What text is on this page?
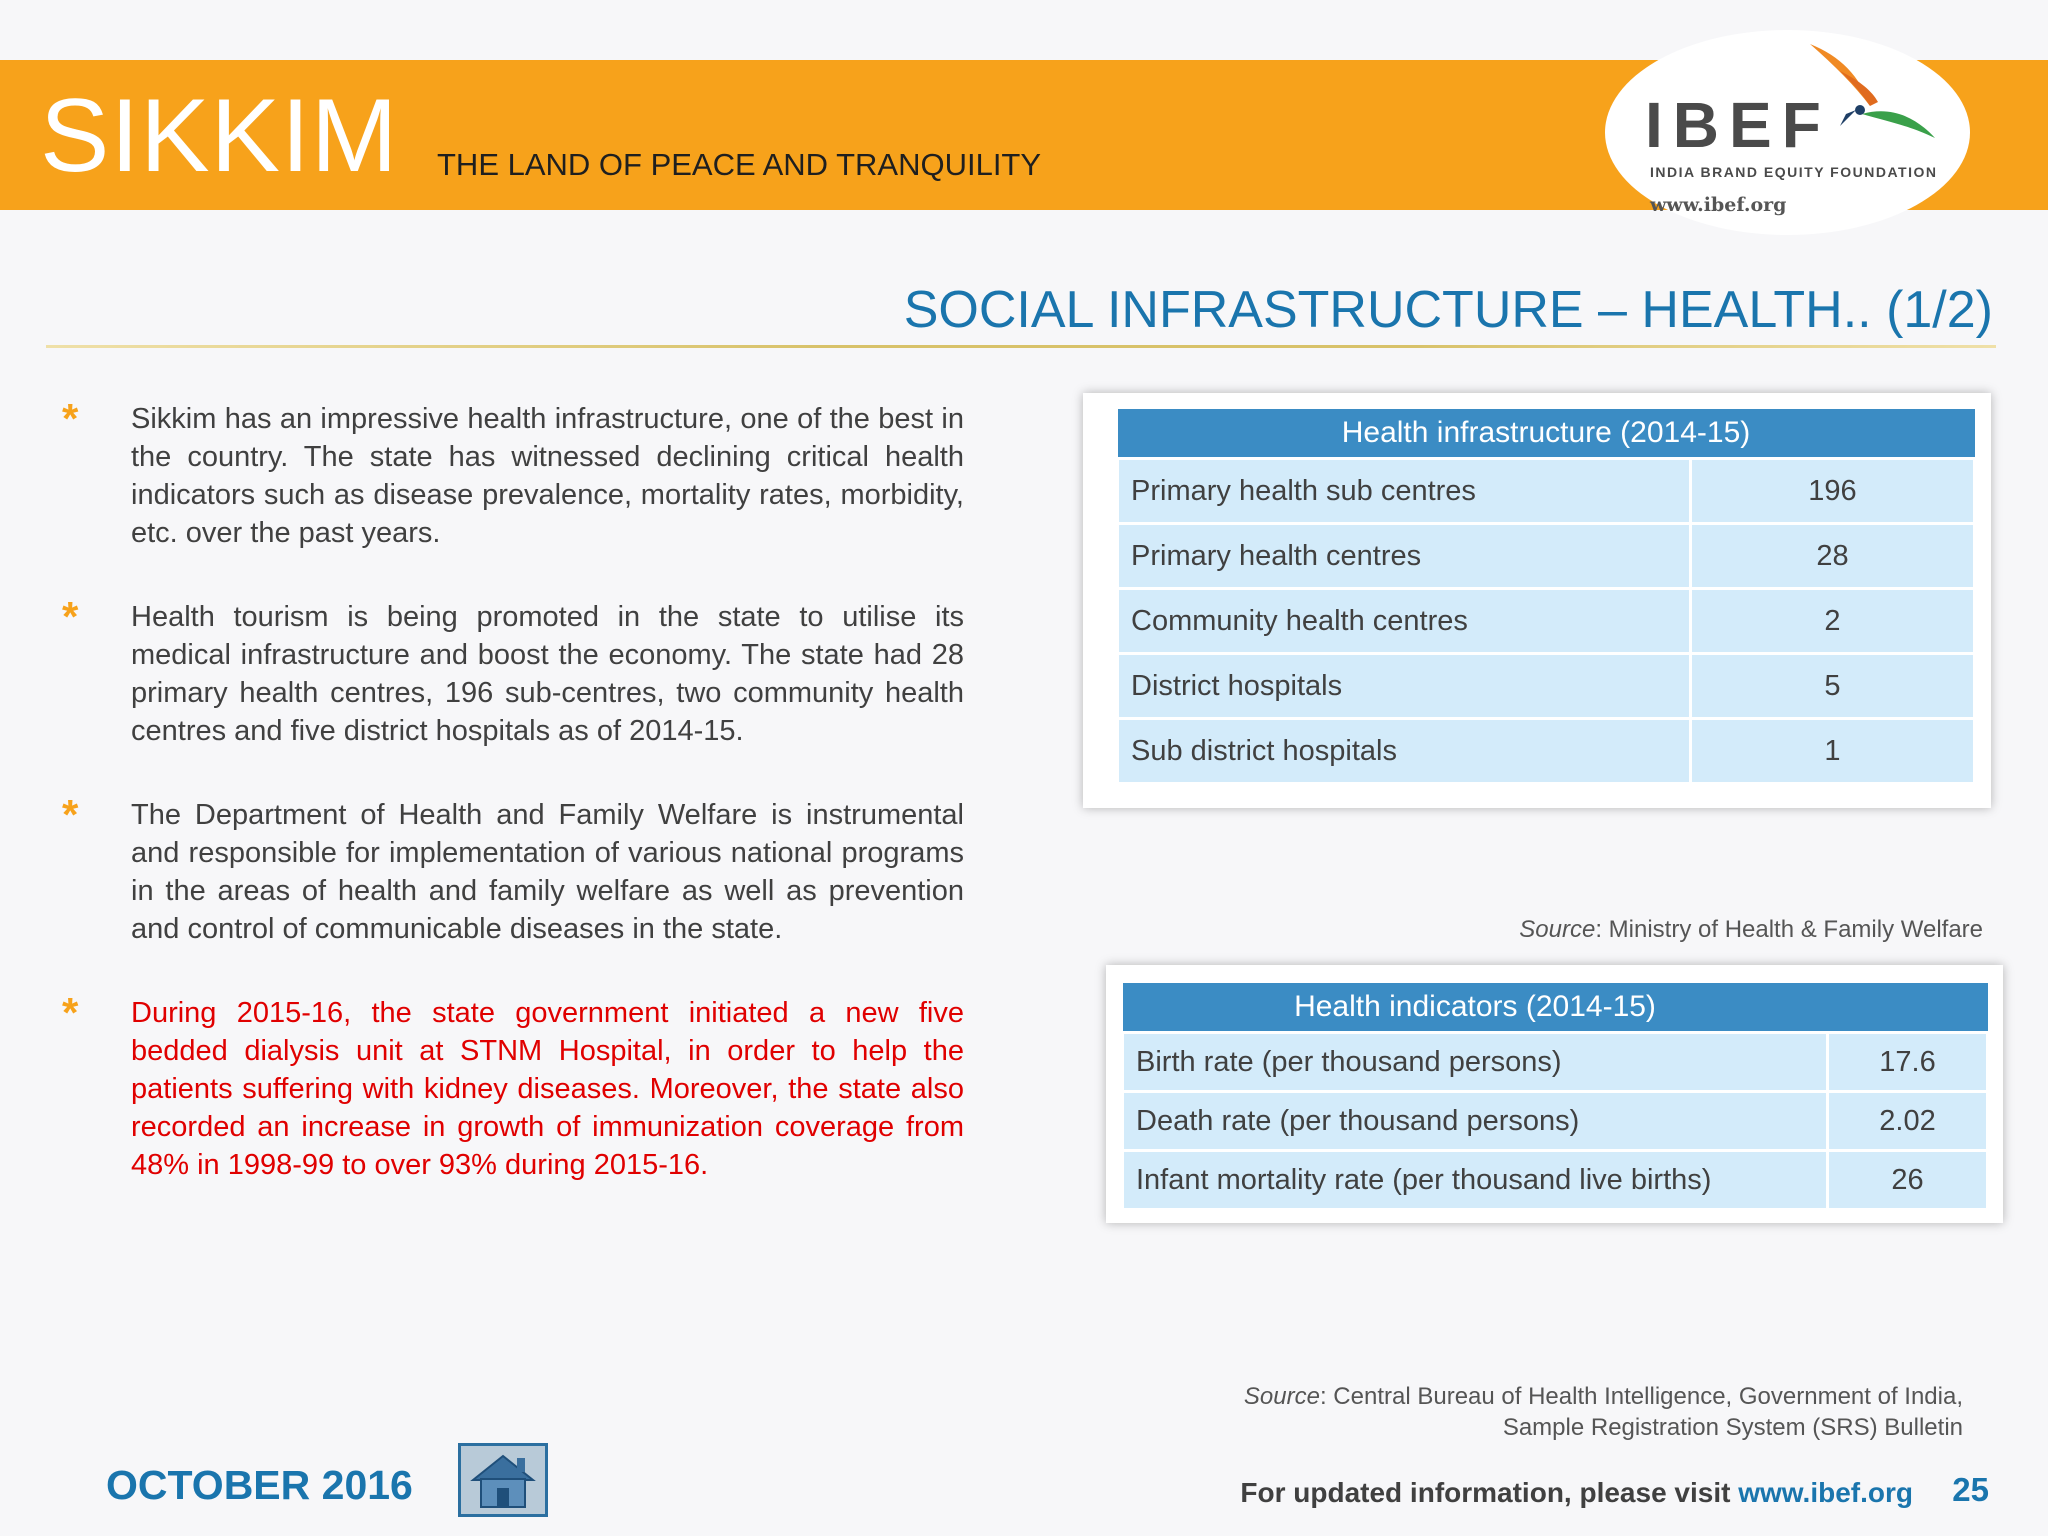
SIKKIM THE LAND OF PEACE AND TRANQUILITY
IBEF
INDIA BRAND EQUITY FOUNDATION
www.ibef.org
SOCIAL INFRASTRUCTURE – HEALTH.. (1/2)
* Sikkim has an impressive health infrastructure, one of the best in the country. The state has witnessed declining critical health indicators such as disease prevalence, mortality rates, morbidity, etc. over the past years.

* Health tourism is being promoted in the state to utilise its medical infrastructure and boost the economy. The state had 28 primary health centres, 196 sub-centres, two community health centres and five district hospitals as of 2014-15.

* The Department of Health and Family Welfare is instrumental and responsible for implementation of various national programs in the areas of health and family welfare as well as prevention and control of communicable diseases in the state.

* During 2015-16, the state government initiated a new five bedded dialysis unit at STNM Hospital, in order to help the patients suffering with kidney diseases. Moreover, the state also recorded an increase in growth of immunization coverage from 48% in 1998-99 to over 93% during 2015-16.

Health infrastructure (2014-15)	
Primary health sub centres	196
Primary health centres	28
Community health centres	2
District hospitals	5
Sub district hospitals	1
Source: Ministry of Health & Family Welfare
Health indicators (2014-15)	
Birth rate (per thousand persons)	17.6
Death rate (per thousand persons)	2.02
Infant mortality rate (per thousand live births)	26
Source: Central Bureau of Health Intelligence, Government of India,
Sample Registration System (SRS) Bulletin
OCTOBER 2016	For updated information, please visit www.ibef.org 25
